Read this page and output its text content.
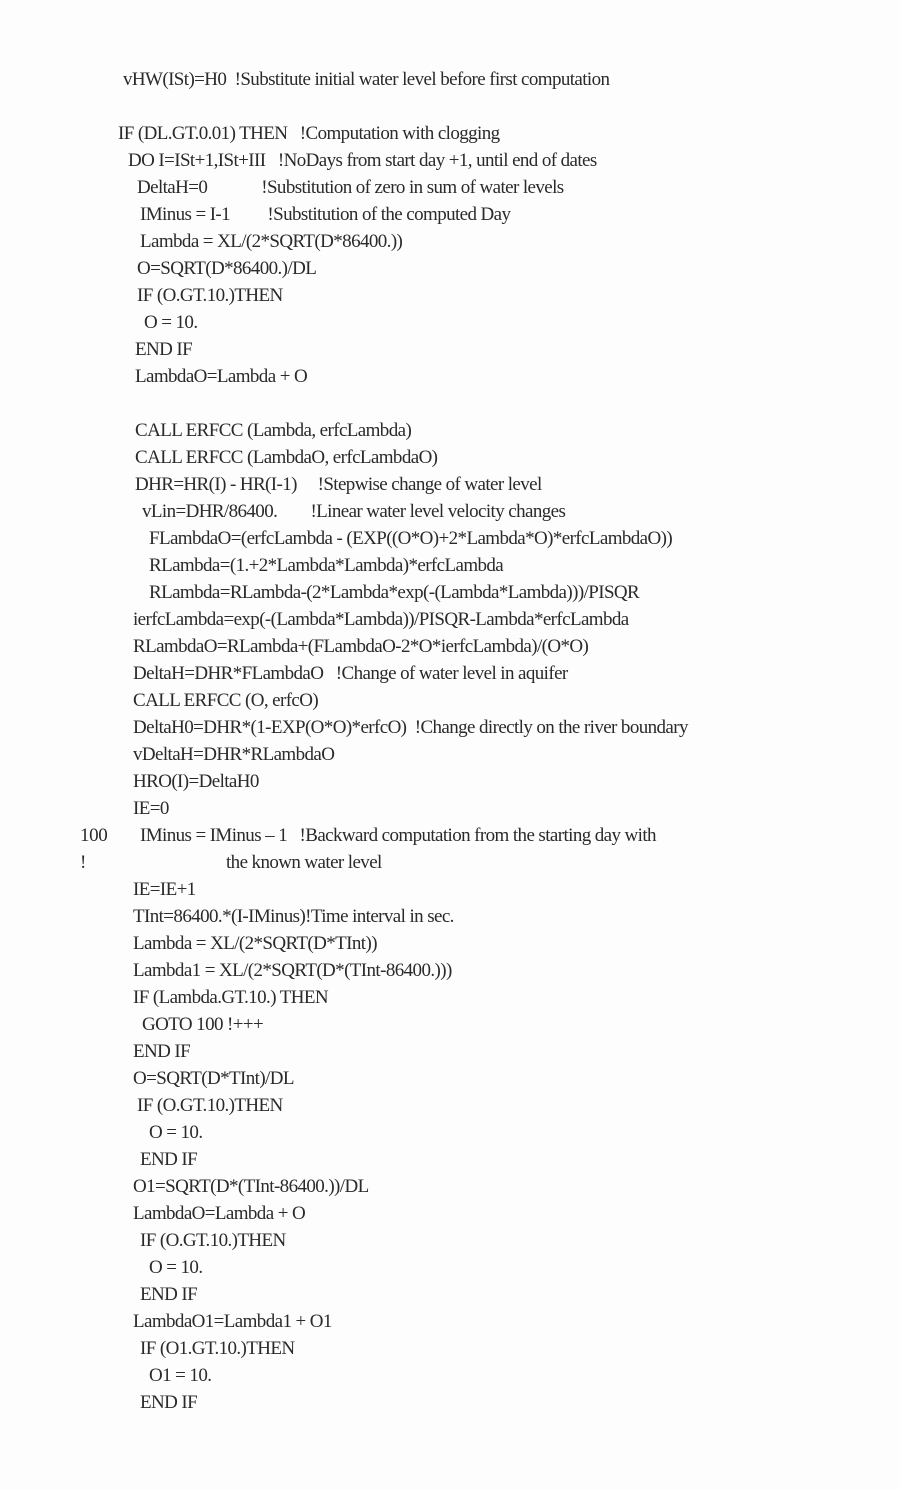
vHW(ISt)=H0  !Substitute initial water level before first computation
IF (DL.GT.0.01) THEN   !Computation with clogging
DO I=ISt+1,ISt+III   !NoDays from start day +1, until end of dates
DeltaH=0             !Substitution of zero in sum of water levels
IMinus = I-1         !Substitution of the computed Day
Lambda = XL/(2*SQRT(D*86400.))
O=SQRT(D*86400.)/DL
IF (O.GT.10.)THEN
O = 10.
END IF
LambdaO=Lambda + O
CALL ERFCC (Lambda, erfcLambda)
CALL ERFCC (LambdaO, erfcLambdaO)
DHR=HR(I) - HR(I-1)     !Stepwise change of water level
vLin=DHR/86400.        !Linear water level velocity changes
FLambdaO=(erfcLambda - (EXP((O*O)+2*Lambda*O)*erfcLambdaO))
RLambda=(1.+2*Lambda*Lambda)*erfcLambda
RLambda=RLambda-(2*Lambda*exp(-(Lambda*Lambda)))/PISQR
ierfcLambda=exp(-(Lambda*Lambda))/PISQR-Lambda*erfcLambda
RLambdaO=RLambda+(FLambdaO-2*O*ierfcLambda)/(O*O)
DeltaH=DHR*FLambdaO   !Change of water level in aquifer
CALL ERFCC (O, erfcO)
DeltaH0=DHR*(1-EXP(O*O)*erfcO)  !Change directly on the river boundary
vDeltaH=DHR*RLambdaO
HRO(I)=DeltaH0
IE=0
100 IMinus = IMinus – 1   !Backward computation from the starting day with
!	the known water level
IE=IE+1
TInt=86400.*(I-IMinus)!Time interval in sec.
Lambda = XL/(2*SQRT(D*TInt))
Lambda1 = XL/(2*SQRT(D*(TInt-86400.)))
IF (Lambda.GT.10.) THEN
GOTO 100 !+++
END IF
O=SQRT(D*TInt)/DL
IF (O.GT.10.)THEN
O = 10.
END IF
O1=SQRT(D*(TInt-86400.))/DL
LambdaO=Lambda + O
IF (O.GT.10.)THEN
O = 10.
END IF
LambdaO1=Lambda1 + O1
IF (O1.GT.10.)THEN
O1 = 10.
END IF
